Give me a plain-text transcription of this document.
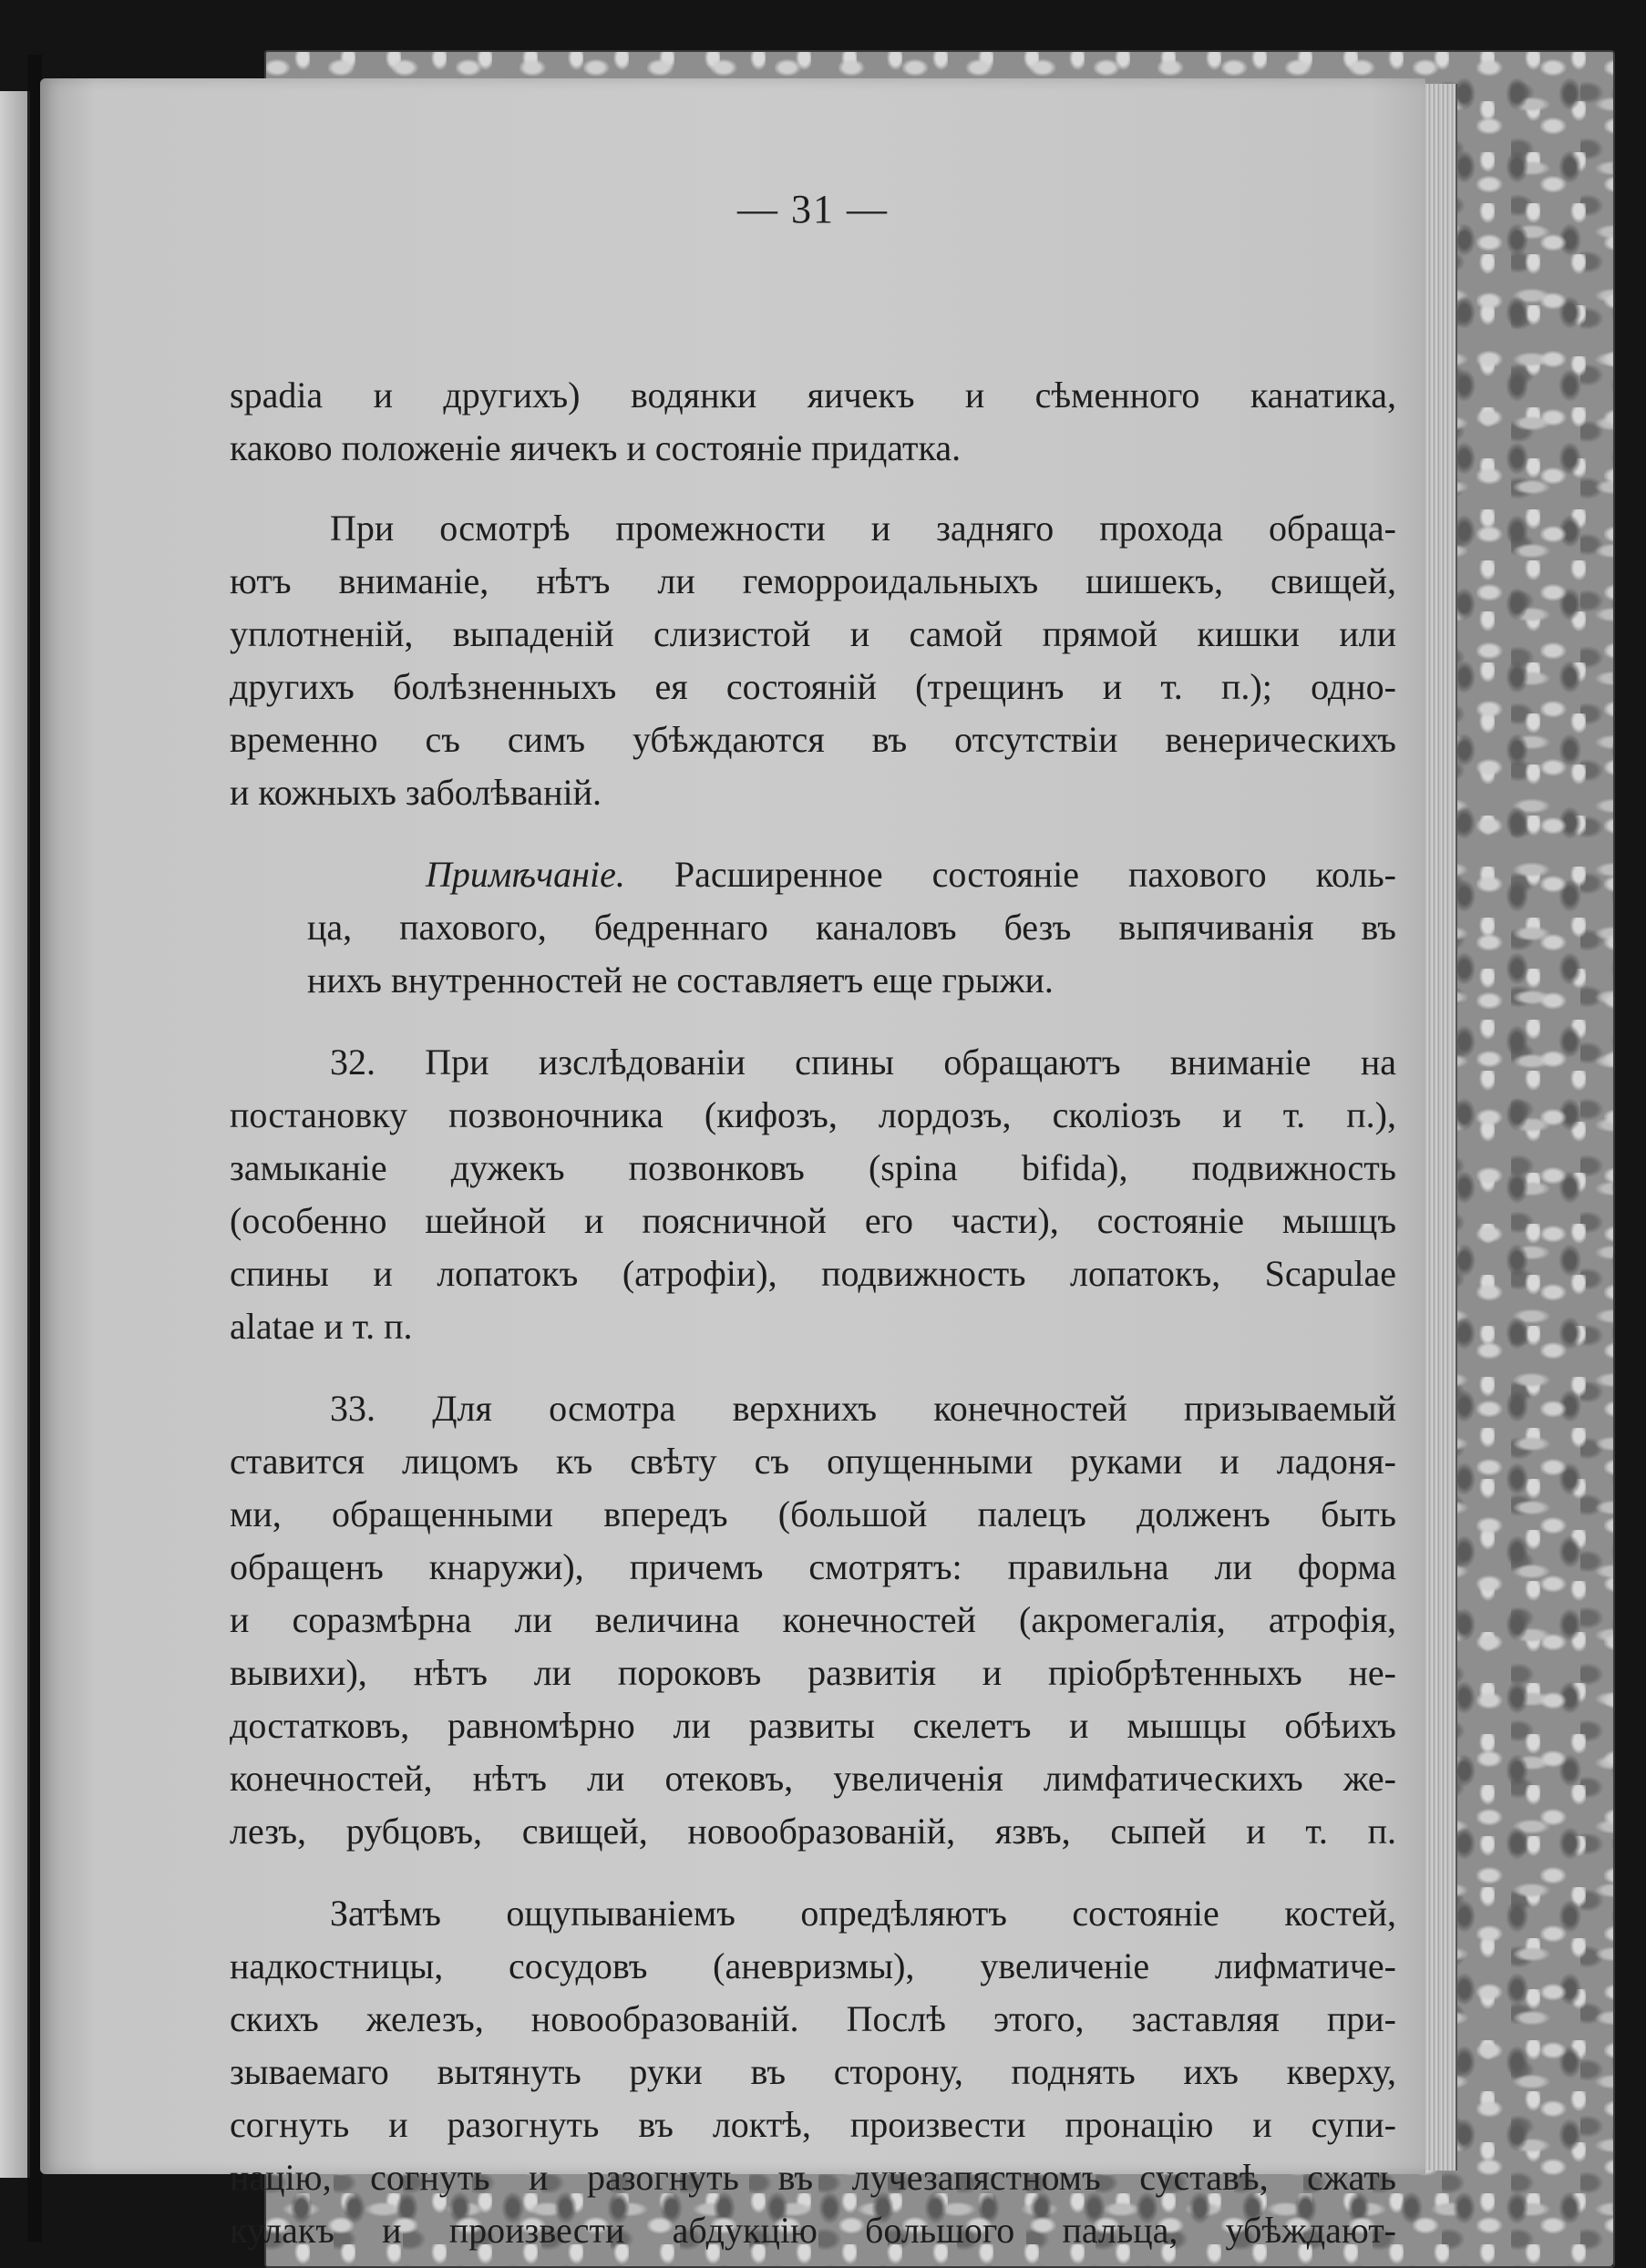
— 31 —
spadia и другихъ) водянки яичекъ и сѣменного канатика,
каково положеніе яичекъ и состояніе придатка.
При осмотрѣ промежности и задняго прохода обраща-
ютъ вниманіе, нѣтъ ли геморроидальныхъ шишекъ, свищей,
уплотненій, выпаденій слизистой и самой прямой кишки или
другихъ болѣзненныхъ ея состояній (трещинъ и т. п.); одно-
временно съ симъ убѣждаются въ отсутствіи венерическихъ
и кожныхъ заболѣваній.
Примѣчаніе. Расширенное состояніе пахового коль-
ца, пахового, бедреннаго каналовъ безъ выпячиванія въ
нихъ внутренностей не составляетъ еще грыжи.
32. При изслѣдованіи спины обращаютъ вниманіе на
постановку позвоночника (кифозъ, лордозъ, сколіозъ и т. п.),
замыканіе дужекъ позвонковъ (spina bifida), подвижность
(особенно шейной и поясничной его части), состояніе мышцъ
спины и лопатокъ (атрофіи), подвижность лопатокъ, Scapulae
alatae и т. п.
33. Для осмотра верхнихъ конечностей призываемый
ставится лицомъ къ свѣту съ опущенными руками и ладоня-
ми, обращенными впередъ (большой палецъ долженъ быть
обращенъ кнаружи), причемъ смотрятъ: правильна ли форма
и соразмѣрна ли величина конечностей (акромегалія, атрофія,
вывихи), нѣтъ ли пороковъ развитія и пріобрѣтенныхъ не-
достатковъ, равномѣрно ли развиты скелетъ и мышцы обѣихъ
конечностей, нѣтъ ли отековъ, увеличенія лимфатическихъ же-
лезъ, рубцовъ, свищей, новообразованій, язвъ, сыпей и т. п.
Затѣмъ ощупываніемъ опредѣляютъ состояніе костей,
надкостницы, сосудовъ (аневризмы), увеличеніе лифматиче-
скихъ железъ, новообразованій. Послѣ этого, заставляя при-
зываемаго вытянуть руки въ сторону, поднять ихъ кверху,
согнуть и разогнуть въ локтѣ, произвести пронацію и супи-
націю, согнуть и разогнуть въ лучезапястномъ суставѣ, сжать
кулакъ и произвести абдукцію большого пальца, убѣждают-
